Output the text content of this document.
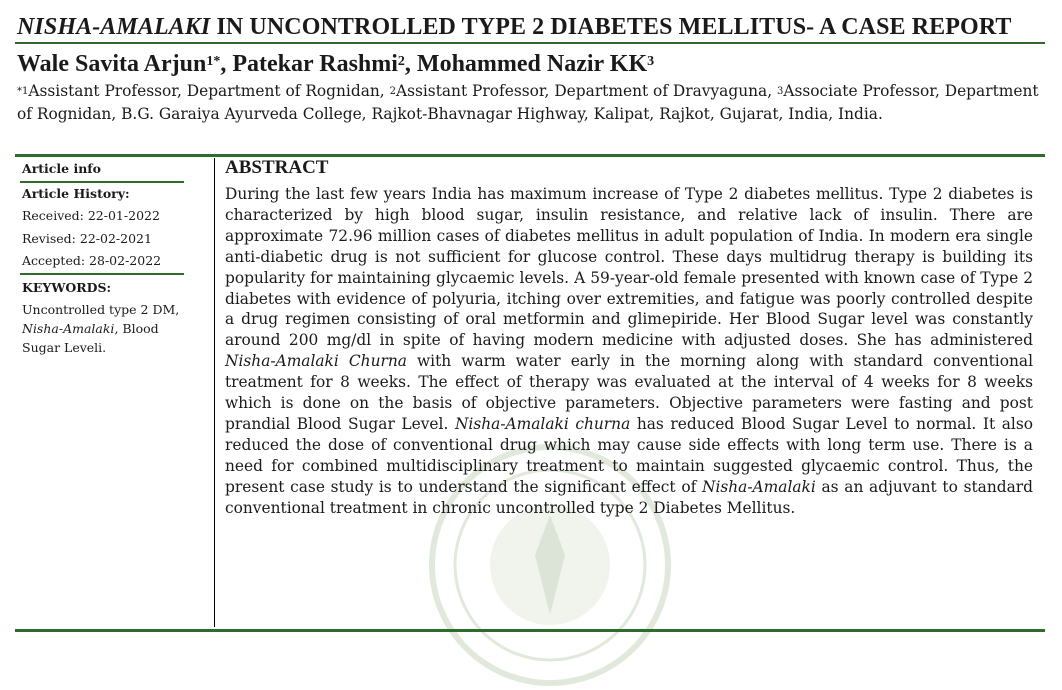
NISHA-AMALAKI IN UNCONTROLLED TYPE 2 DIABETES MELLITUS- A CASE REPORT
Wale Savita Arjun$^{1*}$, Patekar Rashmi$^2$, Mohammed Nazir $KK^3$
$^{*1}$Assistant Professor, Department of Rognidan, $^2$Assistant Professor, Department of Dravyaguna, $^3$Associate Professor, Department of Rognidan, B.G. Garaiya Ayurveda College, Rajkot-Bhavnagar Highway, Kalipat, Rajkot, Gujarat, India, India.
Article info
Article History:
Received: 22-01-2022
Revised: 22-02-2021
Accepted: 28-02-2022
KEYWORDS:
Uncontrolled type 2 DM, Nisha-Amalaki, Blood Sugar Leveli.
ABSTRACT

During the last few years India has maximum increase of Type 2 diabetes mellitus. Type 2 diabetes is characterized by high blood sugar, insulin resistance, and relative lack of insulin. There are approximate 72.96 million cases of diabetes mellitus in adult population of India. In modern era single anti-diabetic drug is not sufficient for glucose control. These days multidrug therapy is building its popularity for maintaining glycaemic levels. A 59-year-old female presented with known case of Type 2 diabetes with evidence of polyuria, itching over extremities, and fatigue was poorly controlled despite a drug regimen consisting of oral metformin and glimepiride. Her Blood Sugar level was constantly around 200 mg/dl in spite of having modern medicine with adjusted doses. She has administered Nisha-Amalaki Churna with warm water early in the morning along with standard conventional treatment for 8 weeks. The effect of therapy was evaluated at the interval of 4 weeks for 8 weeks which is done on the basis of objective parameters. Objective parameters were fasting and post prandial Blood Sugar Level. Nisha-Amalaki churna has reduced Blood Sugar Level to normal. It also reduced the dose of conventional drug which may cause side effects with long term use. There is a need for combined multidisciplinary treatment to maintain suggested glycaemic control. Thus, the present case study is to understand the significant effect of Nisha-Amalaki as an adjuvant to standard conventional treatment in chronic uncontrolled type 2 Diabetes Mellitus.
